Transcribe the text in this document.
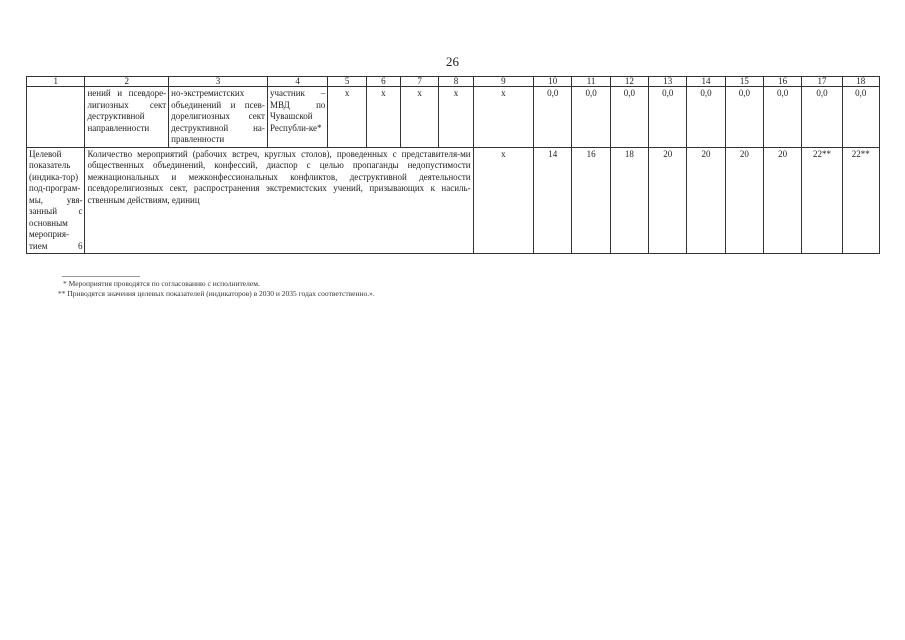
26
1	2	3	4	5	6	7	8	9	10	11	12	13	14	15	16	17	18
	нений и псевдоре-лигиозных сект деструктивной направленности	но-экстремистских объединений и псев-дорелигиозных сект деструктивной на-правленности	участник – МВД по Чувашской Республи-ке*	х	х	х	х	х	0,0	0,0	0,0	0,0	0,0	0,0	0,0	0,0	0,0
Целевой показатель (индика-тор) под-програм-мы, увя-занный с основным мероприя-тием 6	Количество мероприятий (рабочих встреч, круглых столов), проведенных с представителя-ми общественных объединений, конфессий, диаспор с целью пропаганды недопустимости межнациональных и межконфессиональных конфликтов, деструктивной деятельности псевдорелигиозных сект, распространения экстремистских учений, призывающих к насиль-ственным действиям, единиц							х	14	16	18	20	20	20	20	22**	22**
* Мероприятия проводятся по согласованию с исполнителем.
** Приводятся значения целевых показателей (индикаторов) в 2030 и 2035 годах соответственно.».
